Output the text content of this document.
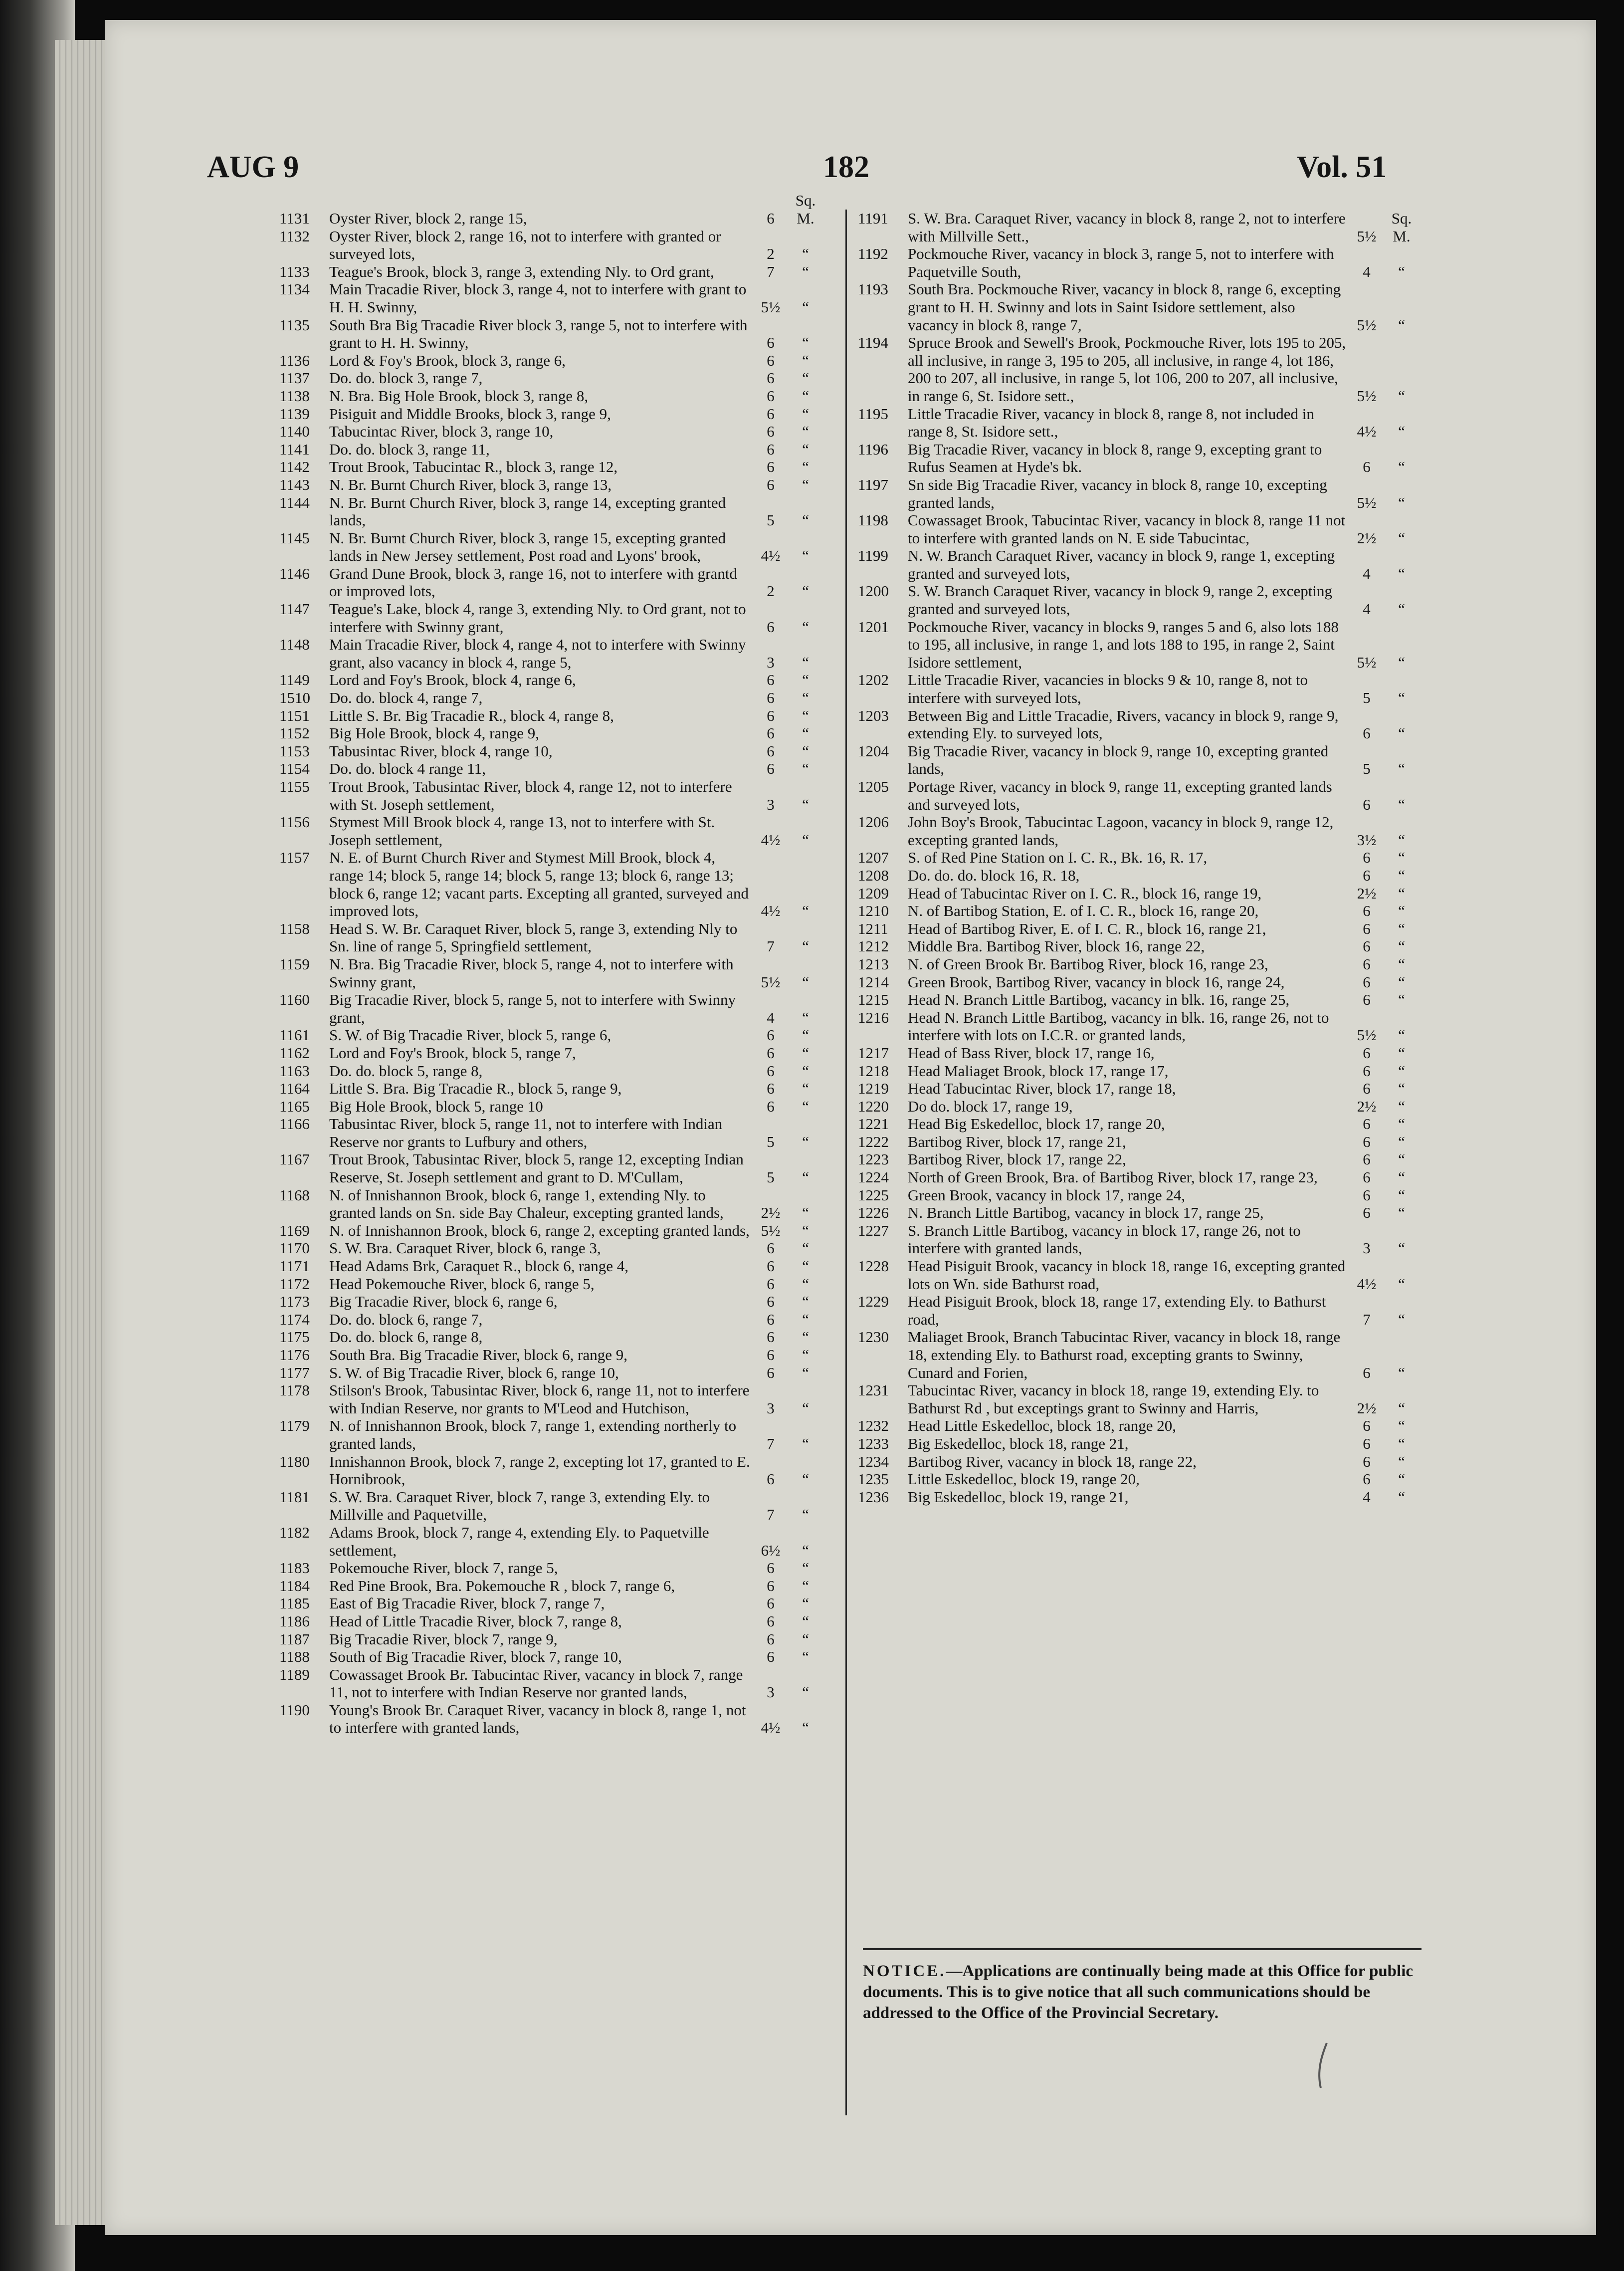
AUG 9	182	Vol. 51
1131	Oyster River, block 2, range 15,	6
Sq. M.
1132	Oyster River, block 2, range 16, not to interfere with granted or surveyed lots,	2	“
1133	Teague's Brook, block 3, range 3, extending Nly. to Ord grant,	7	“
1134	Main Tracadie River, block 3, range 4, not to interfere with grant to H. H. Swinny,	5½	“
1135	South Bra Big Tracadie River block 3, range 5, not to interfere with grant to H. H. Swinny,	6	“
1136	Lord & Foy's Brook, block 3, range 6,	6	“
1137	Do. do. block 3, range 7,	6	“
1138	N. Bra. Big Hole Brook, block 3, range 8,	6	“
1139	Pisiguit and Middle Brooks, block 3, range 9,	6	“
1140	Tabucintac River, block 3, range 10,	6	“
1141	Do. do. block 3, range 11,	6	“
1142	Trout Brook, Tabucintac R., block 3, range 12,	6	“
1143	N. Br. Burnt Church River, block 3, range 13,	6	“
1144	N. Br. Burnt Church River, block 3, range 14, excepting granted lands,	5	“
1145	N. Br. Burnt Church River, block 3, range 15, excepting granted lands in New Jersey settlement, Post road and Lyons' brook,	4½	“
1146	Grand Dune Brook, block 3, range 16, not to interfere with grantd or improved lots,	2	“
1147	Teague's Lake, block 4, range 3, extending Nly. to Ord grant, not to interfere with Swinny grant,	6	“
1148	Main Tracadie River, block 4, range 4, not to interfere with Swinny grant, also vacancy in block 4, range 5,	3	“
1149	Lord and Foy's Brook, block 4, range 6,	6	“
1510	Do. do. block 4, range 7,	6	“
1151	Little S. Br. Big Tracadie R., block 4, range 8,	6	“
1152	Big Hole Brook, block 4, range 9,	6	“
1153	Tabusintac River, block 4, range 10,	6	“
1154	Do. do. block 4 range 11,	6	“
1155	Trout Brook, Tabusintac River, block 4, range 12, not to interfere with St. Joseph settlement,	3	“
1156	Stymest Mill Brook block 4, range 13, not to interfere with St. Joseph settlement,	4½	“
1157	N. E. of Burnt Church River and Stymest Mill Brook, block 4, range 14; block 5, range 14; block 5, range 13; block 6, range 13; block 6, range 12; vacant parts. Excepting all granted, surveyed and improved lots,	4½	“
1158	Head S. W. Br. Caraquet River, block 5, range 3, extending Nly to Sn. line of range 5, Springfield settlement,	7	“
1159	N. Bra. Big Tracadie River, block 5, range 4, not to interfere with Swinny grant,	5½	“
1160	Big Tracadie River, block 5, range 5, not to interfere with Swinny grant,	4	“
1161	S. W. of Big Tracadie River, block 5, range 6,	6	“
1162	Lord and Foy's Brook, block 5, range 7,	6	“
1163	Do. do. block 5, range 8,	6	“
1164	Little S. Bra. Big Tracadie R., block 5, range 9,	6	“
1165	Big Hole Brook, block 5, range 10	6	“
1166	Tabusintac River, block 5, range 11, not to interfere with Indian Reserve nor grants to Lufbury and others,	5	“
1167	Trout Brook, Tabusintac River, block 5, range 12, excepting Indian Reserve, St. Joseph settlement and grant to D. M'Cullam,	5	“
1168	N. of Innishannon Brook, block 6, range 1, extending Nly. to granted lands on Sn. side Bay Chaleur, excepting granted lands,	2½	“
1169	N. of Innishannon Brook, block 6, range 2, excepting granted lands, 5½	“
1170	S. W. Bra. Caraquet River, block 6, range 3,	6	“
1171	Head Adams Brk, Caraquet R., block 6, range 4,	6	“
1172	Head Pokemouche River, block 6, range 5,	6	“
1173	Big Tracadie River, block 6, range 6,	6	“
1174	Do. do. block 6, range 7,	6	“
1175	Do. do. block 6, range 8,	6	“
1176	South Bra. Big Tracadie River, block 6, range 9,	6	“
1177	S. W. of Big Tracadie River, block 6, range 10,	6	“
1178	Stilson's Brook, Tabusintac River, block 6, range 11, not to interfere with Indian Reserve, nor grants to M'Leod and Hutchison,	3	“
1179	N. of Innishannon Brook, block 7, range 1, extending northerly to granted lands,	7	“
1180	Innishannon Brook, block 7, range 2, excepting lot 17, granted to E. Hornibrook,	6	“
1181	S. W. Bra. Caraquet River, block 7, range 3, extending Ely. to Millville and Paquetville,	7	“
1182	Adams Brook, block 7, range 4, extending Ely. to Paquetville settlement,	6½	“
1183	Pokemouche River, block 7, range 5,	6	“
1184	Red Pine Brook, Bra. Pokemouche R , block 7, range 6,	6	“
1185	East of Big Tracadie River, block 7, range 7,	6	“
1186	Head of Little Tracadie River, block 7, range 8,	6	“
1187	Big Tracadie River, block 7, range 9,	6	“
1188	South of Big Tracadie River, block 7, range 10,	6	“
1189	Cowassaget Brook Br. Tabucintac River, vacancy in block 7, range 11, not to interfere with Indian Reserve nor granted lands,	3	“
1190	Young's Brook Br. Caraquet River, vacancy in block 8, range 1, not to interfere with granted lands,	4½	“
1191	S. W. Bra. Caraquet River, vacancy in block 8, range 2, not to interfere with Millville Sett.,	5½
Sq. M.
1192	Pockmouche River, vacancy in block 3, range 5, not to interfere with Paquetville South,	4	“
1193	South Bra. Pockmouche River, vacancy in block 8, range 6, excepting grant to H. H. Swinny and lots in Saint Isidore settlement, also vacancy in block 8, range 7,	5½	“
1194	Spruce Brook and Sewell's Brook, Pockmouche River, lots 195 to 205, all inclusive, in range 3, 195 to 205, all inclusive, in range 4, lot 186, 200 to 207, all inclusive, in range 5, lot 106, 200 to 207, all inclusive, in range 6, St. Isidore sett.,	5½	“
1195	Little Tracadie River, vacancy in block 8, range 8, not included in range 8, St. Isidore sett.,	4½	“
1196	Big Tracadie River, vacancy in block 8, range 9, excepting grant to Rufus Seamen at Hyde's bk.	6	“
1197	Sn side Big Tracadie River, vacancy in block 8, range 10, excepting granted lands,	5½	“
1198	Cowassaget Brook, Tabucintac River, vacancy in block 8, range 11 not to interfere with granted lands on N. E side Tabucintac,	2½	“
1199	N. W. Branch Caraquet River, vacancy in block 9, range 1, excepting granted and surveyed lots,	4	“
1200	S. W. Branch Caraquet River, vacancy in block 9, range 2, excepting granted and surveyed lots,	4	“
1201	Pockmouche River, vacancy in blocks 9, ranges 5 and 6, also lots 188 to 195, all inclusive, in range 1, and lots 188 to 195, in range 2, Saint Isidore settlement,	5½	“
1202	Little Tracadie River, vacancies in blocks 9 & 10, range 8, not to interfere with surveyed lots,	5	“
1203	Between Big and Little Tracadie, Rivers, vacancy in block 9, range 9, extending Ely. to surveyed lots,	6	“
1204	Big Tracadie River, vacancy in block 9, range 10, excepting granted lands,	5	“
1205	Portage River, vacancy in block 9, range 11, excepting granted lands and surveyed lots,	6	“
1206	John Boy's Brook, Tabucintac Lagoon, vacancy in block 9, range 12, excepting granted lands,	3½	“
1207	S. of Red Pine Station on I. C. R., Bk. 16, R. 17,	6	“
1208	Do. do. do. block 16, R. 18,	6	“
1209	Head of Tabucintac River on I. C. R., block 16, range 19,	2½	“
1210	N. of Bartibog Station, E. of I. C. R., block 16, range 20,	6	“
1211	Head of Bartibog River, E. of I. C. R., block 16, range 21,	6	“
1212	Middle Bra. Bartibog River, block 16, range 22,	6	“
1213	N. of Green Brook Br. Bartibog River, block 16, range 23,	6	“
1214	Green Brook, Bartibog River, vacancy in block 16, range 24,	6	“
1215	Head N. Branch Little Bartibog, vacancy in blk. 16, range 25,	6	“
1216	Head N. Branch Little Bartibog, vacancy in blk. 16, range 26, not to interfere with lots on I.C.R. or granted lands,	5½	“
1217	Head of Bass River, block 17, range 16,	6	“
1218	Head Maliaget Brook, block 17, range 17,	6	“
1219	Head Tabucintac River, block 17, range 18,	6	“
1220	Do do. block 17, range 19,	2½	“
1221	Head Big Eskedelloc, block 17, range 20,	6	“
1222	Bartibog River, block 17, range 21,	6	“
1223	Bartibog River, block 17, range 22,	6	“
1224	North of Green Brook, Bra. of Bartibog River, block 17, range 23,	6	“
1225	Green Brook, vacancy in block 17, range 24,	6	“
1226	N. Branch Little Bartibog, vacancy in block 17, range 25,	6	“
1227	S. Branch Little Bartibog, vacancy in block 17, range 26, not to interfere with granted lands,	3	“
1228	Head Pisiguit Brook, vacancy in block 18, range 16, excepting granted lots on Wn. side Bathurst road,	4½	“
1229	Head Pisiguit Brook, block 18, range 17, extending Ely. to Bathurst road,	7	“
1230	Maliaget Brook, Branch Tabucintac River, vacancy in block 18, range 18, extending Ely. to Bathurst road, excepting grants to Swinny, Cunard and Forien,	6	“
1231	Tabucintac River, vacancy in block 18, range 19, extending Ely. to Bathurst Rd , but exceptings grant to Swinny and Harris,	2½	“
1232	Head Little Eskedelloc, block 18, range 20,	6	“
1233	Big Eskedelloc, block 18, range 21,	6	“
1234	Bartibog River, vacancy in block 18, range 22,	6	“
1235	Little Eskedelloc, block 19, range 20,	6	“
1236	Big Eskedelloc, block 19, range 21,	4	“
NOTICE.—Applications are continually being made at this Office for public documents. This is to give notice that all such communications should be addressed to the Office of the Provincial Secretary.
